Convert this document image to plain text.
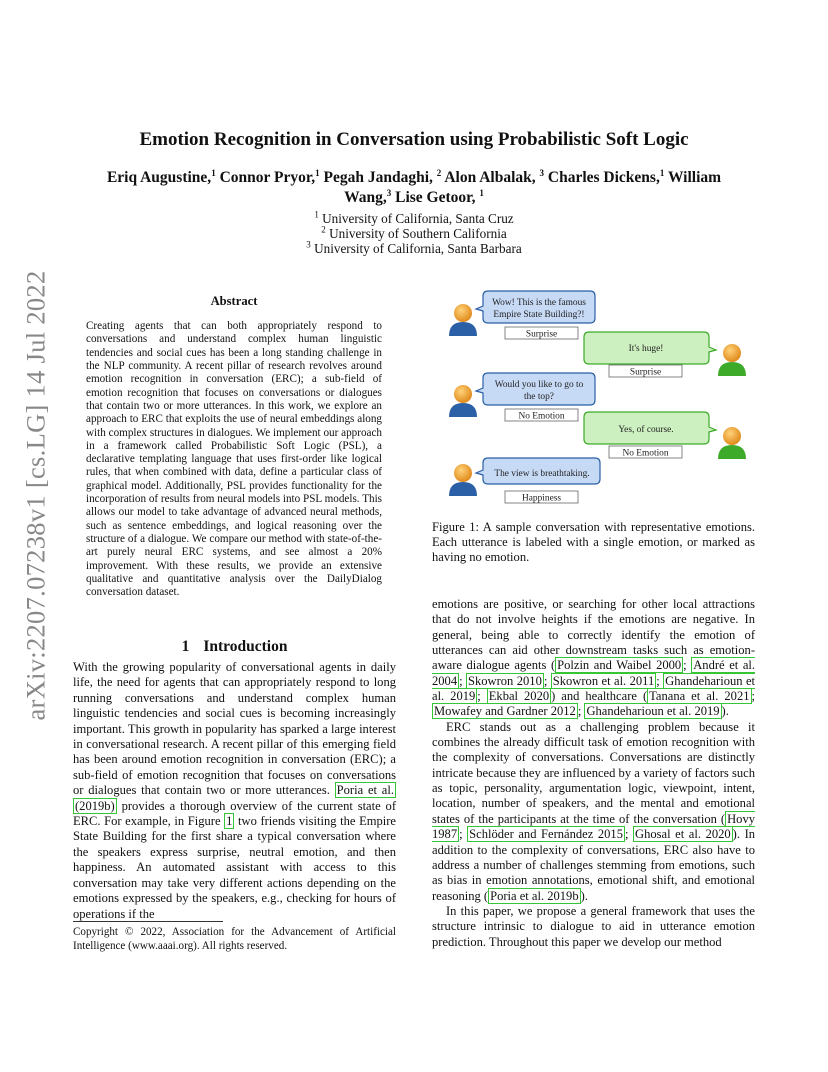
Emotion Recognition in Conversation using Probabilistic Soft Logic
Eriq Augustine,$^1$ Connor Pryor,$^1$ Pegah Jandaghi, $^2$ Alon Albalak, $^3$ Charles Dickens,$^1$ William
Wang,$^3$ Lise Getoor, $^1$
$^1$ University of California, Santa Cruz
$^2$ University of Southern California
$^3$ University of California, Santa Barbara
arXiv:2207.07238v1 [cs.LG] 14 Jul 2022	Abstract
Creating agents that can both appropriately respond to conversations and understand complex human linguistic tendencies and social cues has been a long standing challenge in the NLP community. A recent pillar of research revolves around emotion recognition in conversation (ERC); a sub-field of emotion recognition that focuses on conversations or dialogues that contain two or more utterances. In this work, we explore an approach to ERC that exploits the use of neural embeddings along with complex structures in dialogues. We implement our approach in a framework called Probabilistic Soft Logic (PSL), a declarative templating language that uses first-order like logical rules, that when combined with data, define a particular class of graphical model. Additionally, PSL provides functionality for the incorporation of results from neural models into PSL models. This allows our model to take advantage of advanced neural methods, such as sentence embeddings, and logical reasoning over the structure of a dialogue. We compare our method with state-of-the-art purely neural ERC systems, and see almost a 20% improvement. With these results, we provide an extensive qualitative and quantitative analysis over the DailyDialog conversation dataset.
1 Introduction
With the growing popularity of conversational agents in daily life, the need for agents that can appropriately respond to long running conversations and understand complex human linguistic tendencies and social cues is becoming increasingly important. This growth in popularity has sparked a large interest in conversational research. A recent pillar of this emerging field has been around emotion recognition in conversation (ERC); a sub-field of emotion recognition that focuses on conversations or dialogues that contain two or more utterances. Poria et al. (2019b) provides a thorough overview of the current state of ERC. For example, in Figure 1 two friends visiting the Empire State Building for the first share a typical conversation where the speakers express surprise, neutral emotion, and then happiness. An automated assistant with access to this conversation may take very different actions depending on the emotions expressed by the speakers, e.g., checking for hours of operations if the
Copyright © 2022, Association for the Advancement of Artificial Intelligence (www.aaai.org). All rights reserved.
Wow! This is the famous
Empire State Building?!
Surprise
It's huge!
Surprise
Would you like to go to
the top?
No Emotion
Yes, of course.
No Emotion
The view is breathtaking.
Happiness
Figure 1: A sample conversation with representative emotions. Each utterance is labeled with a single emotion, or marked as having no emotion.

emotions are positive, or searching for other local attractions that do not involve heights if the emotions are negative. In general, being able to correctly identify the emotion of utterances can aid other downstream tasks such as emotion-aware dialogue agents ( Polzin and Waibel 2000 ; André et al. 2004 ; Skowron 2010 ; Skowron et al. 2011 ; Ghandeharioun et al. 2019 ; Ekbal 2020 ) and healthcare ( Tanana et al. 2021 ; Mowafey and Gardner 2012 ; Ghandeharioun et al. 2019 ).

ERC stands out as a challenging problem because it combines the already difficult task of emotion recognition with the complexity of conversations. Conversations are distinctly intricate because they are influenced by a variety of factors such as topic, personality, argumentation logic, viewpoint, intent, location, number of speakers, and the mental and emotional states of the participants at the time of the conversation ( Hovy 1987 ; Schlöder and Fernández 2015 ; Ghosal et al. 2020 ). In addition to the complexity of conversations, ERC also have to address a number of challenges stemming from emotions, such as bias in emotion annotations, emotional shift, and emotional reasoning ( Poria et al. 2019b ).

In this paper, we propose a general framework that uses the structure intrinsic to dialogue to aid in utterance emotion prediction. Throughout this paper we develop our method
